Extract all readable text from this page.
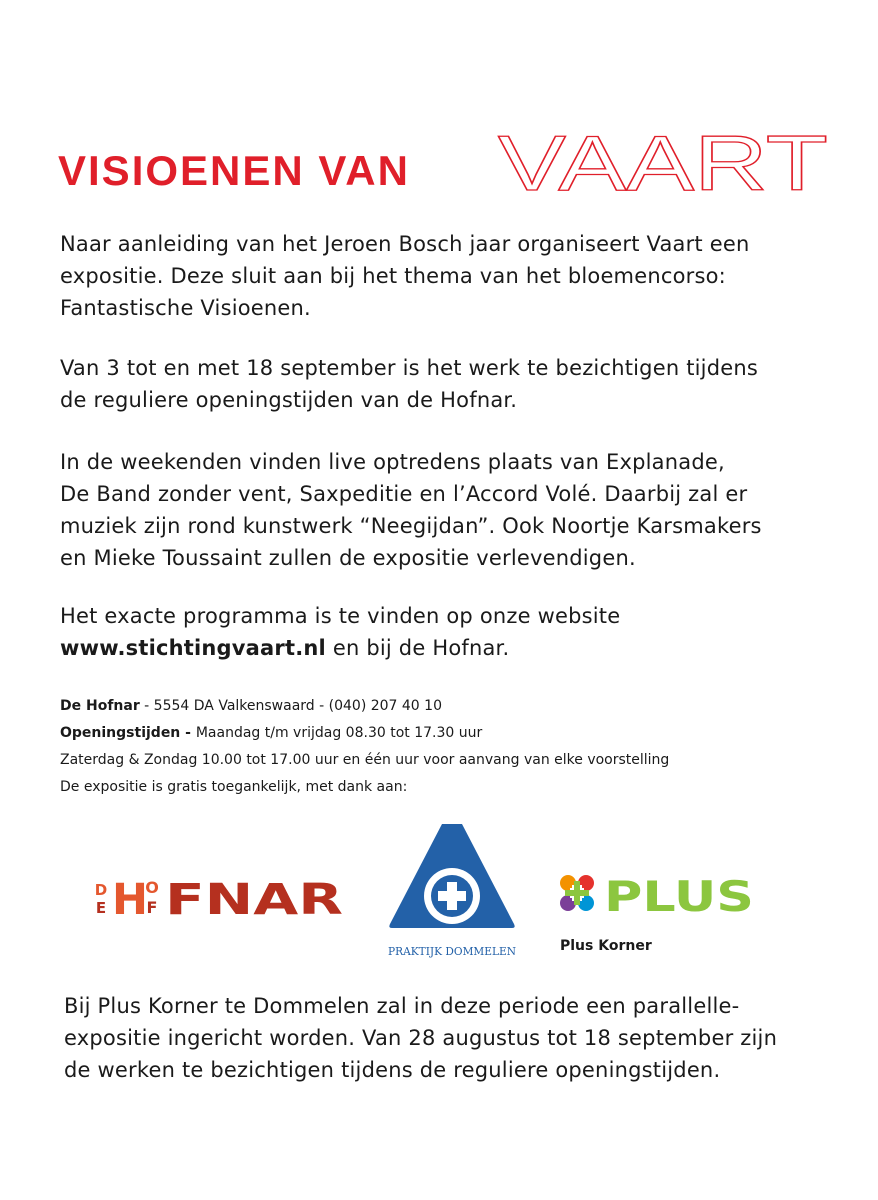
VISIOENEN VAN VAART
Naar aanleiding van het Jeroen Bosch jaar organiseert Vaart een
expositie. Deze sluit aan bij het thema van het bloemencorso:
Fantastische Visioenen.
Van 3 tot en met 18 september is het werk te bezichtigen tijdens
de reguliere openingstijden van de Hofnar.
In de weekenden vinden live optredens plaats van Explanade,
De Band zonder vent, Saxpeditie en l’Accord Volé. Daarbij zal er
muziek zijn rond kunstwerk “Neegijdan”. Ook Noortje Karsmakers
en Mieke Toussaint zullen de expositie verlevendigen.
Het exacte programma is te vinden op onze website
www.stichtingvaart.nl en bij de Hofnar.
De Hofnar - 5554 DA Valkenswaard - (040) 207 40 10
Openingstijden - Maandag t/m vrijdag 08.30 tot 17.30 uur
Zaterdag & Zondag 10.00 tot 17.00 uur en één uur voor aanvang van elke voorstelling
De expositie is gratis toegankelijk, met dank aan:
D
E H
O
F FNAR
PRAKTIJK DOMMELEN
PLUS
Plus Korner
Bij Plus Korner te Dommelen zal in deze periode een parallelle-
expositie ingericht worden. Van 28 augustus tot 18 september zijn
de werken te bezichtigen tijdens de reguliere openingstijden.
